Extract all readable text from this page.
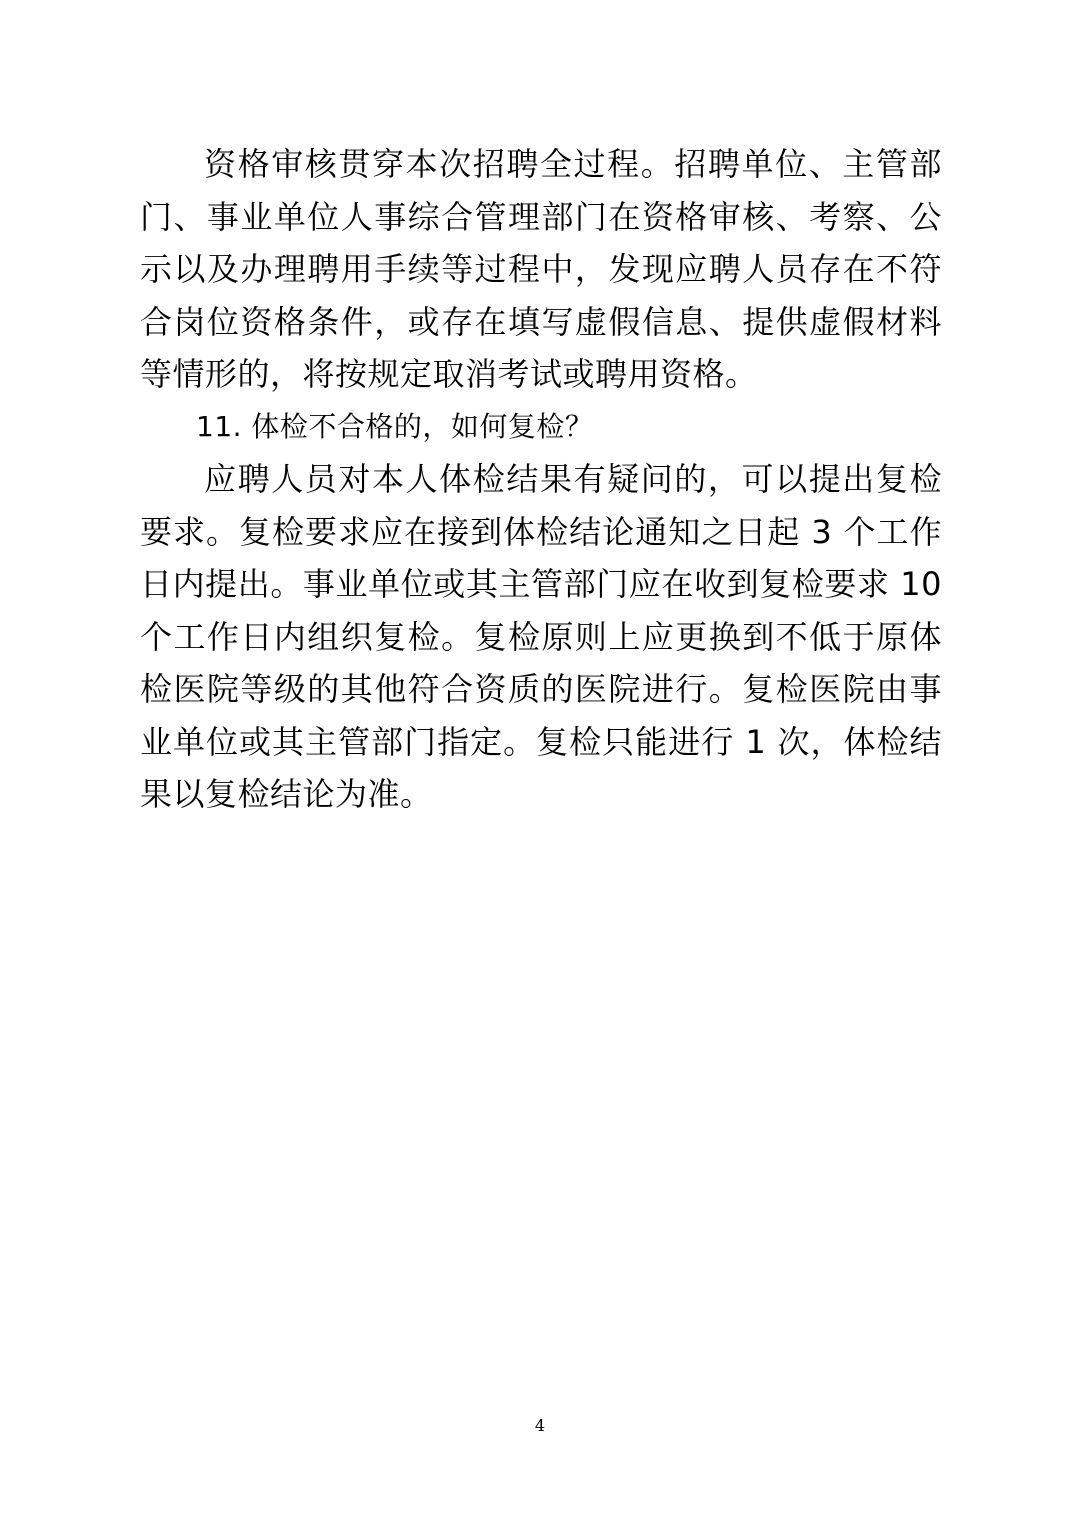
资格审核贯穿本次招聘全过程。招聘单位、主管部门、事业单位人事综合管理部门在资格审核、考察、公示以及办理聘用手续等过程中，发现应聘人员存在不符合岗位资格条件，或存在填写虚假信息、提供虚假材料等情形的，将按规定取消考试或聘用资格。

11. 体检不合格的，如何复检？

应聘人员对本人体检结果有疑问的，可以提出复检要求。复检要求应在接到体检结论通知之日起 3 个工作日内提出。事业单位或其主管部门应在收到复检要求 10 个工作日内组织复检。复检原则上应更换到不低于原体检医院等级的其他符合资质的医院进行。复检医院由事业单位或其主管部门指定。复检只能进行 1 次，体检结果以复检结论为准。

4
